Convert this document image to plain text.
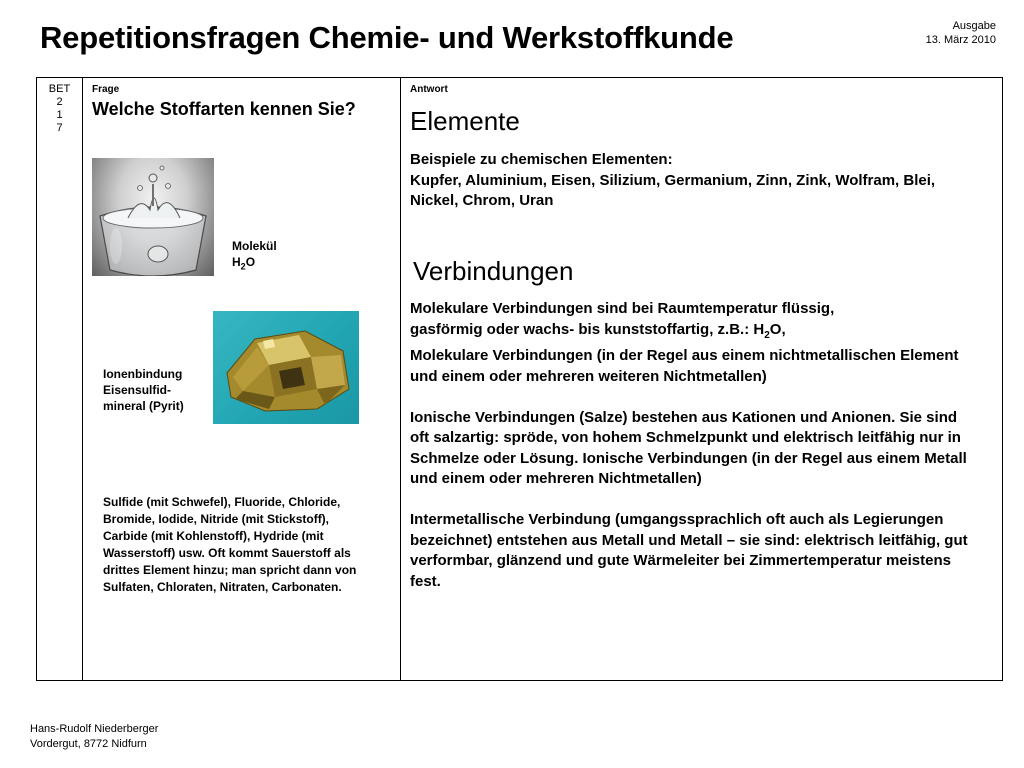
Repetitionsfragen Chemie- und Werkstoffkunde	Ausgabe
13. März 2010
BET
2
1
7
Frage
Welche Stoffarten kennen Sie?
Molekül
$H_2O$
Ionenbindung
Eisensulfid-
mineral (Pyrit)
Sulfide (mit Schwefel), Fluoride, Chloride, Bromide, Iodide, Nitride (mit Stickstoff), Carbide (mit Kohlenstoff), Hydride (mit Wasserstoff) usw. Oft kommt Sauerstoff als drittes Element hinzu; man spricht dann von Sulfaten, Chloraten, Nitraten, Carbonaten.
Antwort
Elemente
Beispiele zu chemischen Elementen:
Kupfer, Aluminium, Eisen, Silizium, Germanium, Zinn, Zink, Wolfram, Blei, Nickel, Chrom, Uran
Verbindungen
Molekulare Verbindungen sind bei Raumtemperatur flüssig,
gasförmig oder wachs- bis kunststoffartig, z.B.: $H_2O$,
Molekulare Verbindungen (in der Regel aus einem nichtmetallischen Element und einem oder mehreren weiteren Nichtmetallen)
Ionische Verbindungen (Salze) bestehen aus Kationen und Anionen. Sie sind oft salzartig: spröde, von hohem Schmelzpunkt und elektrisch leitfähig nur in Schmelze oder Lösung. Ionische Verbindungen (in der Regel aus einem Metall und einem oder mehreren Nichtmetallen)
Intermetallische Verbindung (umgangssprachlich oft auch als Legierungen bezeichnet) entstehen aus Metall und Metall – sie sind: elektrisch leitfähig, gut verformbar, glänzend und gute Wärmeleiter bei Zimmertemperatur meistens fest.
Hans-Rudolf Niederberger
Vordergut, 8772 Nidfurn
